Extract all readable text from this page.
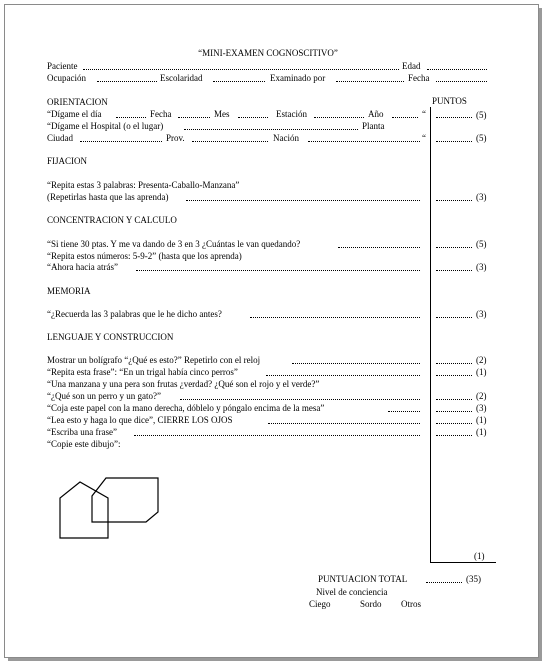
“MINI-EXAMEN COGNOSCITIVO”
Paciente	Edad
Ocupación	Escolaridad	Examinado por	Fecha
PUNTOS
ORIENTACION
“Dígame el día	Fecha	Mes	Estación	Año	“	(5)
“Dígame el Hospital (o el lugar)	Planta
Ciudad	Prov.	Nación	“	(5)
FIJACION
“Repita estas 3 palabras: Presenta-Caballo-Manzana”
(Repetirlas hasta que las aprenda)	(3)
CONCENTRACION Y CALCULO
“Si tiene 30 ptas. Y me va dando de 3 en 3 ¿Cuántas le van quedando?	(5)
“Repita estos números: 5-9-2” (hasta que los aprenda)
“Ahora hacia atrás”	(3)
MEMORIA
“¿Recuerda las 3 palabras que le he dicho antes?	(3)
LENGUAJE Y CONSTRUCCION
Mostrar un bolígrafo “¿Qué es esto?” Repetirlo con el reloj	(2)
“Repita esta frase”: “En un trigal había cinco perros”	(1)
“Una manzana y una pera son frutas ¿verdad? ¿Qué son el rojo y el verde?”
“¿Qué son un perro y un gato?”	(2)
“Coja este papel con la mano derecha, dóblelo y póngalo encima de la mesa”	(3)
“Lea esto y haga lo que dice”, CIERRE LOS OJOS	(1)
“Escriba una frase”	(1)
“Copie este dibujo”:
(1)
PUNTUACION TOTAL	(35)
Nivel de conciencia
Ciego	Sordo Otros
